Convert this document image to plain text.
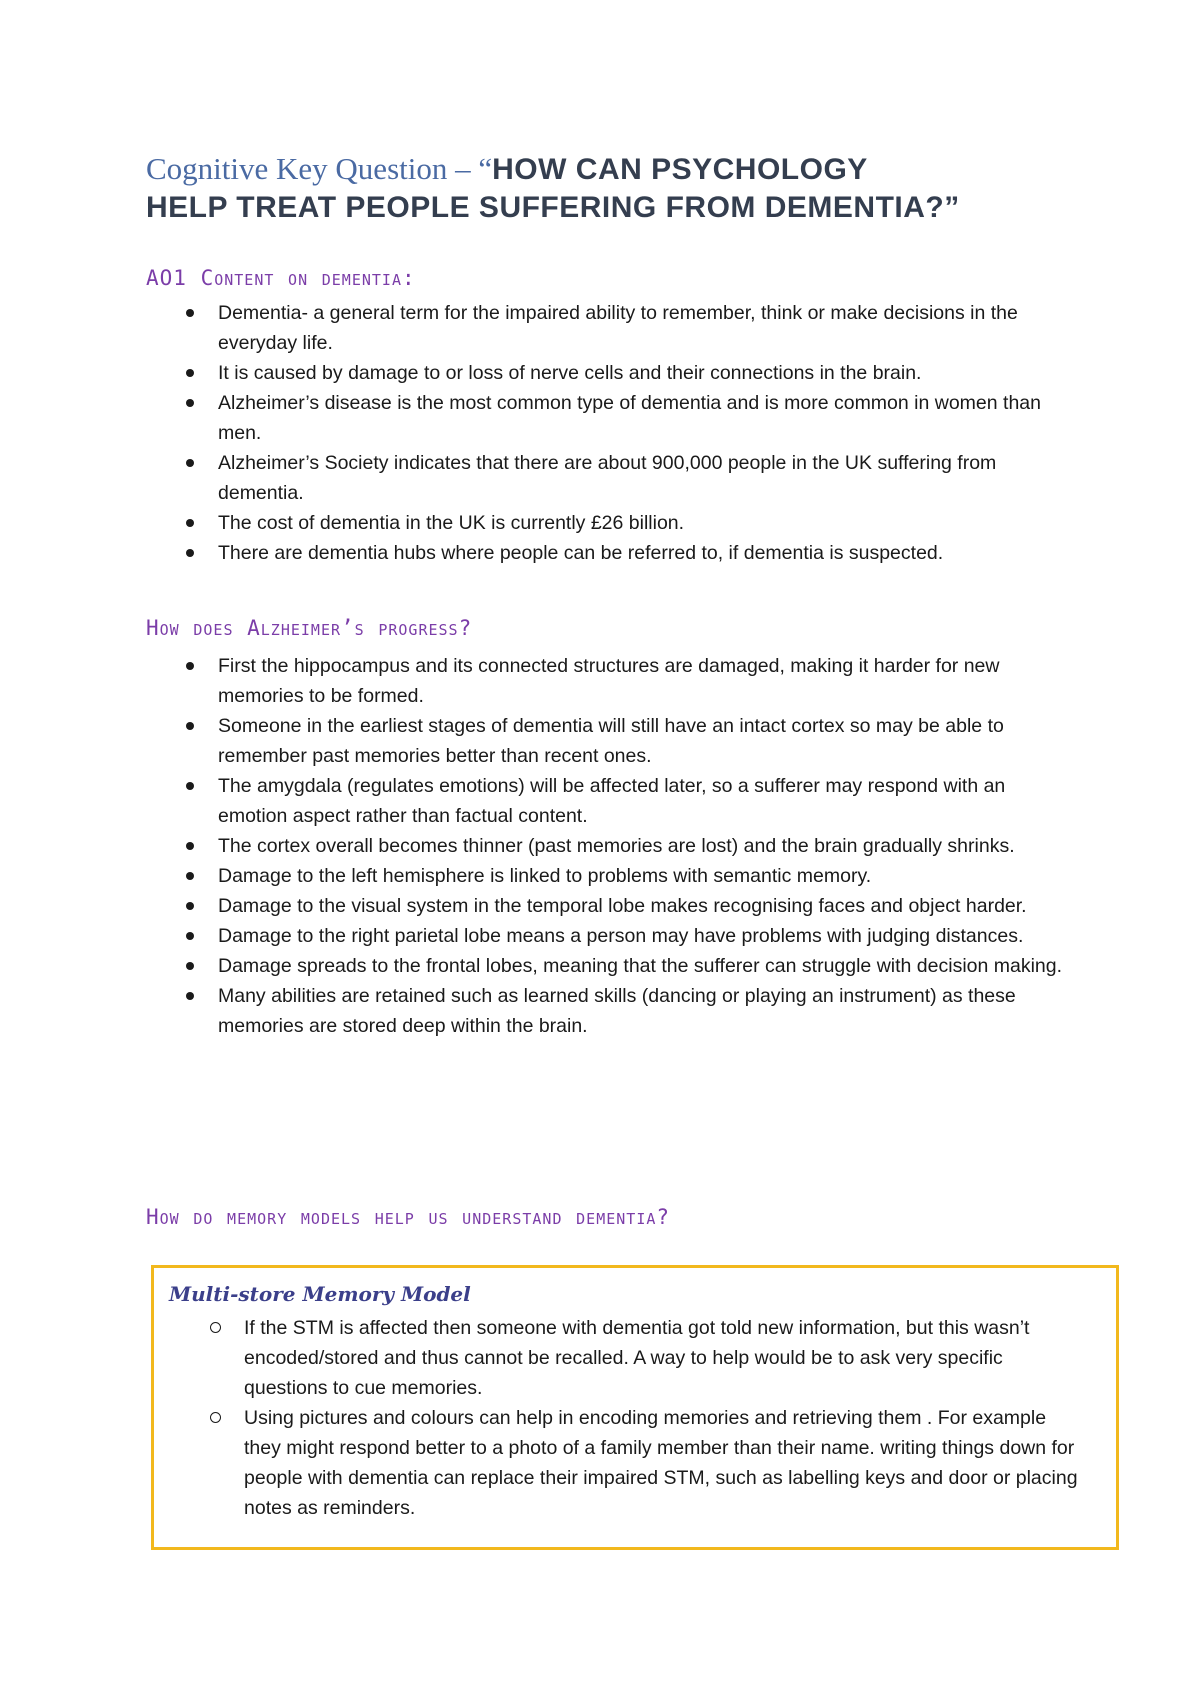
Cognitive Key Question – “HOW CAN PSYCHOLOGY
HELP TREAT PEOPLE SUFFERING FROM DEMENTIA?”
AO1 Content on dementia:
Dementia- a general term for the impaired ability to remember, think or make decisions in the everyday life.
It is caused by damage to or loss of nerve cells and their connections in the brain.
Alzheimer’s disease is the most common type of dementia and is more common in women than men.
Alzheimer’s Society indicates that there are about 900,000 people in the UK suffering from dementia.
The cost of dementia in the UK is currently £26 billion.
There are dementia hubs where people can be referred to, if dementia is suspected.
How does Alzheimer’s progress?
First the hippocampus and its connected structures are damaged, making it harder for new memories to be formed.
Someone in the earliest stages of dementia will still have an intact cortex so may be able to remember past memories better than recent ones.
The amygdala (regulates emotions) will be affected later, so a sufferer may respond with an emotion aspect rather than factual content.
The cortex overall becomes thinner (past memories are lost) and the brain gradually shrinks.
Damage to the left hemisphere is linked to problems with semantic memory.
Damage to the visual system in the temporal lobe makes recognising faces and object harder.
Damage to the right parietal lobe means a person may have problems with judging distances.
Damage spreads to the frontal lobes, meaning that the sufferer can struggle with decision making.
Many abilities are retained such as learned skills (dancing or playing an instrument) as these memories are stored deep within the brain.
How do memory models help us understand dementia?
Multi-store Memory Model
If the STM is affected then someone with dementia got told new information, but this wasn’t encoded/stored and thus cannot be recalled. A way to help would be to ask very specific questions to cue memories.
Using pictures and colours can help in encoding memories and retrieving them . For example they might respond better to a photo of a family member than their name. writing things down for people with dementia can replace their impaired STM, such as labelling keys and door or placing notes as reminders.
